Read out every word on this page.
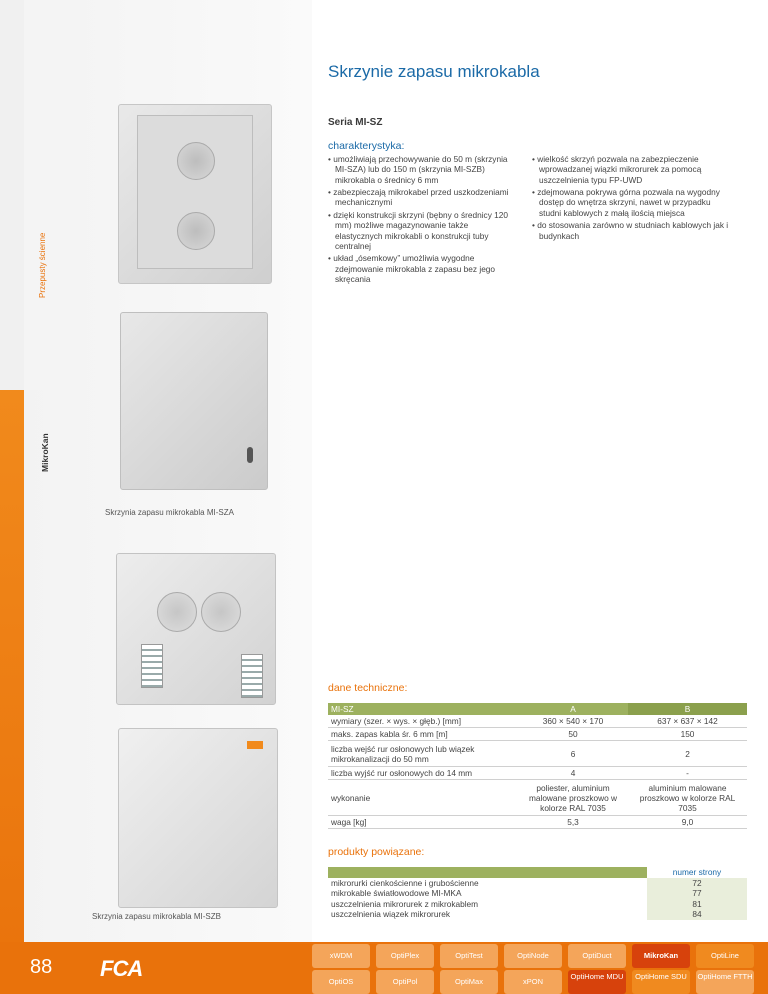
Przepusty ścienne
MikroKan
Skrzynie zapasu mikrokabla
Seria MI-SZ
charakterystyka:
• umożliwiają przechowywanie do 50 m (skrzynia MI-SZA) lub do 150 m (skrzynia MI-SZB) mikrokabla o średnicy 6 mm
• zabezpieczają mikrokabel przed uszkodzeniami mechanicznymi
• dzięki konstrukcji skrzyni (bębny o średnicy 120 mm) możliwe magazynowanie także elastycznych mikrokabli o konstrukcji tuby centralnej
• układ „ósemkowy” umożliwia wygodne zdejmowanie mikrokabla z zapasu bez jego skręcania
• wielkość skrzyń pozwala na zabezpieczenie wprowadzanej wiązki mikrorurek za pomocą uszczelnienia typu FP-UWD
• zdejmowana pokrywa górna pozwala na wygodny dostęp do wnętrza skrzyni, nawet w przypadku studni kablowych z małą ilością miejsca
• do stosowania zarówno w studniach kablowych jak i budynkach
Skrzynia zapasu mikrokabla MI-SZA
Skrzynia zapasu mikrokabla MI-SZB
dane techniczne:
MI-SZ	A	B
wymiary (szer. × wys. × głęb.) [mm]	360 × 540 × 170	637 × 637 × 142
maks. zapas kabla śr. 6 mm [m]	50	150
liczba wejść rur osłonowych lub wiązek mikrokanalizacji do 50 mm	6	2
liczba wyjść rur osłonowych do 14 mm	4	-
wykonanie	poliester, aluminium malowane proszkowo w kolorze RAL 7035	aluminium malowane proszkowo w kolorze RAL 7035
waga [kg]	5,3	9,0
produkty powiązane:
	numer strony
mikrorurki cienkościenne i grubościenne	72
mikrokable światłowodowe MI-MKA	77
uszczelnienia mikrorurek z mikrokablem	81
uszczelnienia wiązek mikrorurek	84
88 FCA
xWDM	OptiPlex	OptiTest	OptiNode	OptiDuct	MikroKan	OptiLine
OptiOS	OptiPol	OptiMax	xPON
OptiHome MDU	OptiHome SDU	OptiHome FTTH
